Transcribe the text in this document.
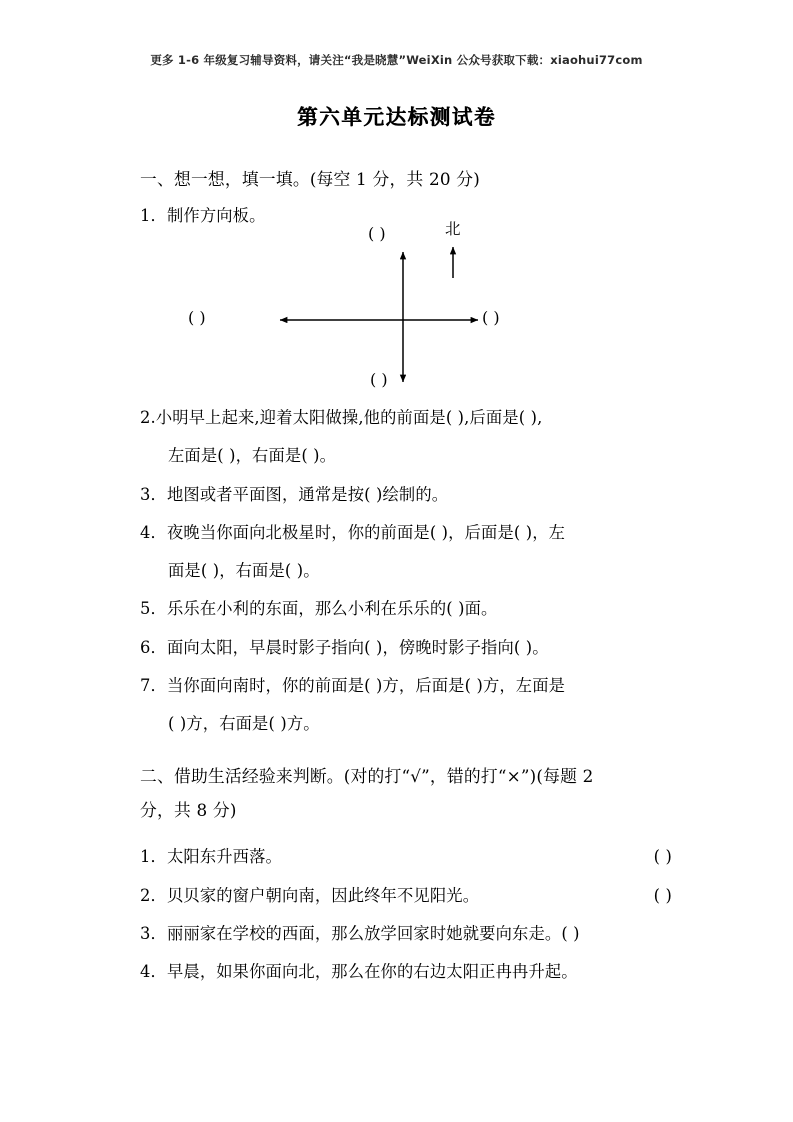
更多 1-6 年级复习辅导资料，请关注“我是晓慧”WeiXin 公众号获取下载：xiaohui77com
第六单元达标测试卷
一、想一想，填一填。(每空 1 分，共 20 分)
1．制作方向板。
( )
( )	( )
( )
北
2.小明早上起来,迎着太阳做操,他的前面是( ),后面是( ),
左面是( )，右面是( )。
3．地图或者平面图，通常是按( )绘制的。
4．夜晚当你面向北极星时，你的前面是( )，后面是( )，左
面是( )，右面是( )。
5．乐乐在小利的东面，那么小利在乐乐的( )面。
6．面向太阳，早晨时影子指向( )，傍晚时影子指向( )。
7．当你面向南时，你的前面是( )方，后面是( )方，左面是
( )方，右面是( )方。
二、借助生活经验来判断。(对的打“√”，错的打“×”)(每题 2
分，共 8 分)
1．太阳东升西落。	( )
2．贝贝家的窗户朝向南，因此终年不见阳光。	( )
3．丽丽家在学校的西面，那么放学回家时她就要向东走。( )
4．早晨，如果你面向北，那么在你的右边太阳正冉冉升起。
